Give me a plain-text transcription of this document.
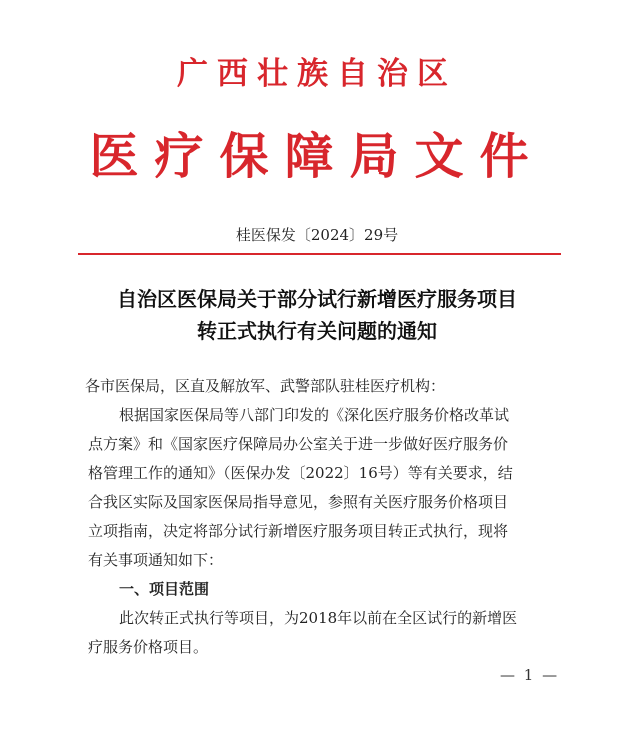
广西壮族自治区
医疗保障局文件
桂医保发〔2024〕29号
自治区医保局关于部分试行新增医疗服务项目
转正式执行有关问题的通知
各市医保局，区直及解放军、武警部队驻桂医疗机构：
根据国家医保局等八部门印发的《深化医疗服务价格改革试
点方案》和《国家医疗保障局办公室关于进一步做好医疗服务价
格管理工作的通知》（医保办发〔2022〕16号）等有关要求，结
合我区实际及国家医保局指导意见，参照有关医疗服务价格项目
立项指南，决定将部分试行新增医疗服务项目转正式执行，现将
有关事项通知如下：
一、项目范围
此次转正式执行等项目，为2018年以前在全区试行的新增医
疗服务价格项目。
— 1 —
